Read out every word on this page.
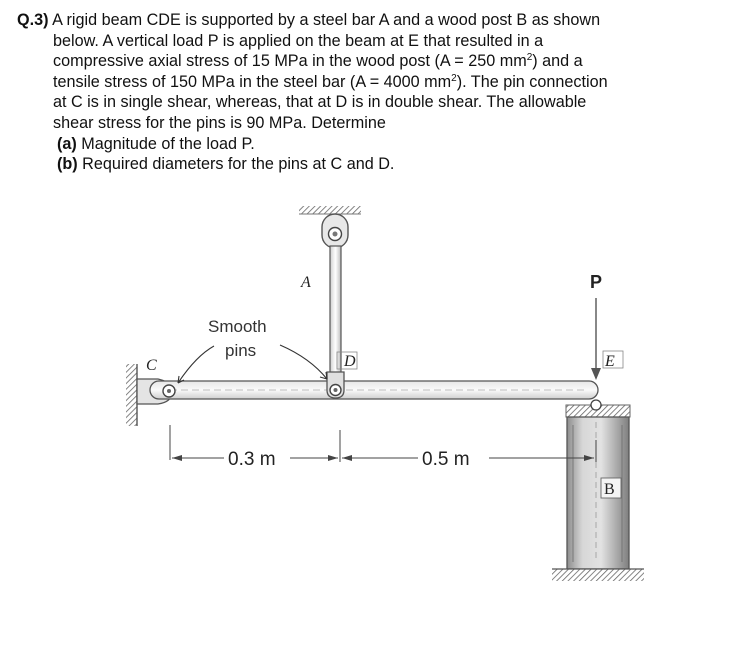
Q.3) A rigid beam CDE is supported by a steel bar A and a wood post B as shown

below. A vertical load P is applied on the beam at E that resulted in a

compressive axial stress of 15 MPa in the wood post (A = 250 $mm^2$) and a

tensile stress of 150 MPa in the steel bar (A = 4000 $mm^2$). The pin connection

at C is in single shear, whereas, that at D is in double shear. The allowable

shear stress for the pins is 90 MPa. Determine

(a) Magnitude of the load P.

(b) Required diameters for the pins at C and D.

C	D
A
Smooth
pins
P
E
B
0.3 m	0.5 m
